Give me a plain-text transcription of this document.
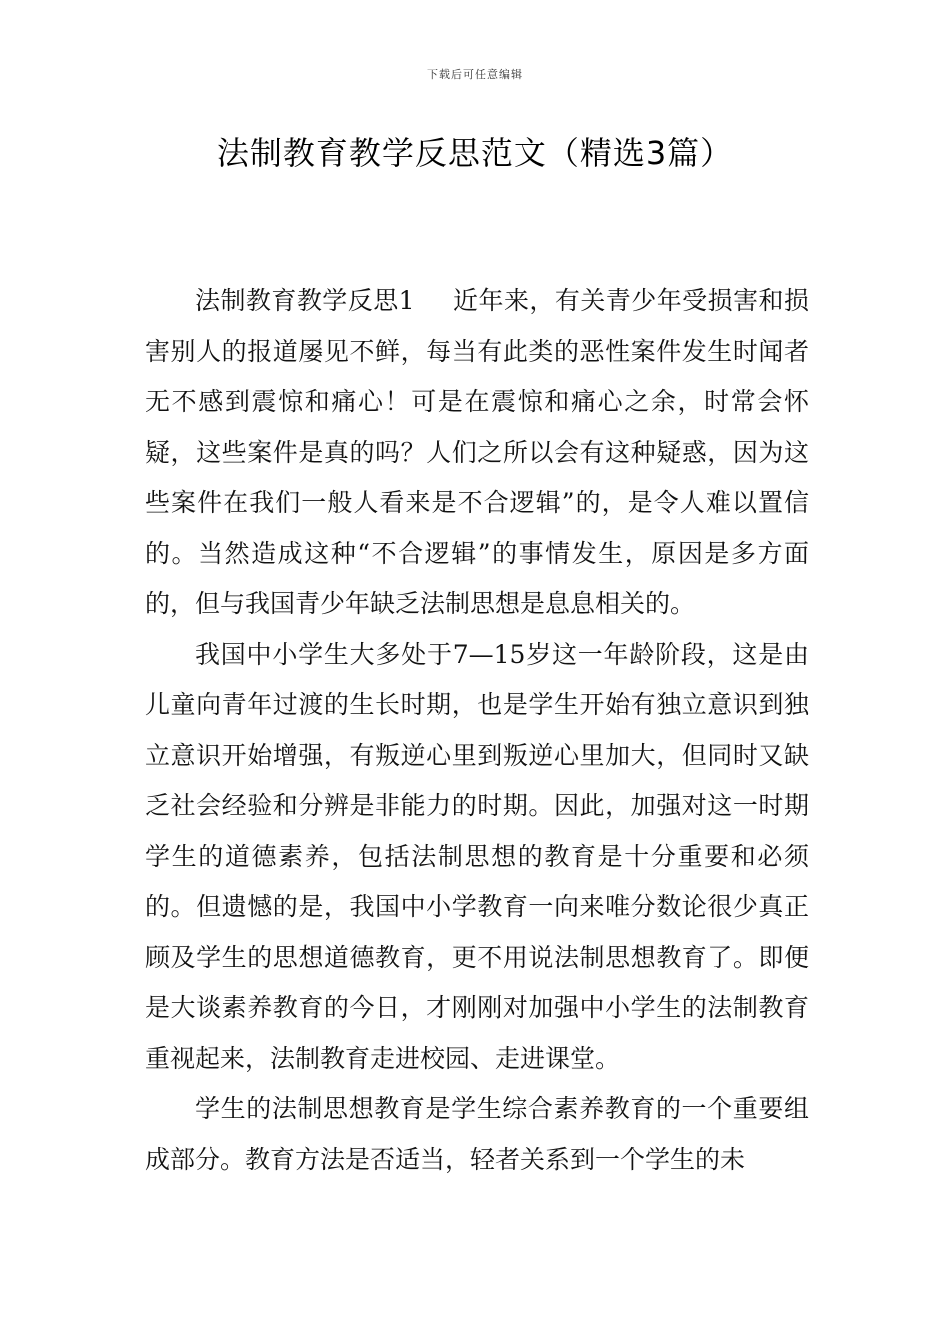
下载后可任意编辑
法制教育教学反思范文（精选3篇）

法制教育教学反思1 近年来，有关青少年受损害和损害别人的报道屡见不鲜，每当有此类的恶性案件发生时闻者无不感到震惊和痛心！可是在震惊和痛心之余，时常会怀疑，这些案件是真的吗？人们之所以会有这种疑惑，因为这些案件在我们一般人看来是不合逻辑”的，是令人难以置信的。当然造成这种“不合逻辑”的事情发生，原因是多方面的，但与我国青少年缺乏法制思想是息息相关的。

我国中小学生大多处于7—15岁这一年龄阶段，这是由儿童向青年过渡的生长时期，也是学生开始有独立意识到独立意识开始增强，有叛逆心里到叛逆心里加大，但同时又缺乏社会经验和分辨是非能力的时期。因此，加强对这一时期学生的道德素养，包括法制思想的教育是十分重要和必须的。但遗憾的是，我国中小学教育一向来唯分数论很少真正顾及学生的思想道德教育，更不用说法制思想教育了。即便是大谈素养教育的今日，才刚刚对加强中小学生的法制教育重视起来，法制教育走进校园、走进课堂。

学生的法制思想教育是学生综合素养教育的一个重要组成部分。教育方法是否适当，轻者关系到一个学生的未
